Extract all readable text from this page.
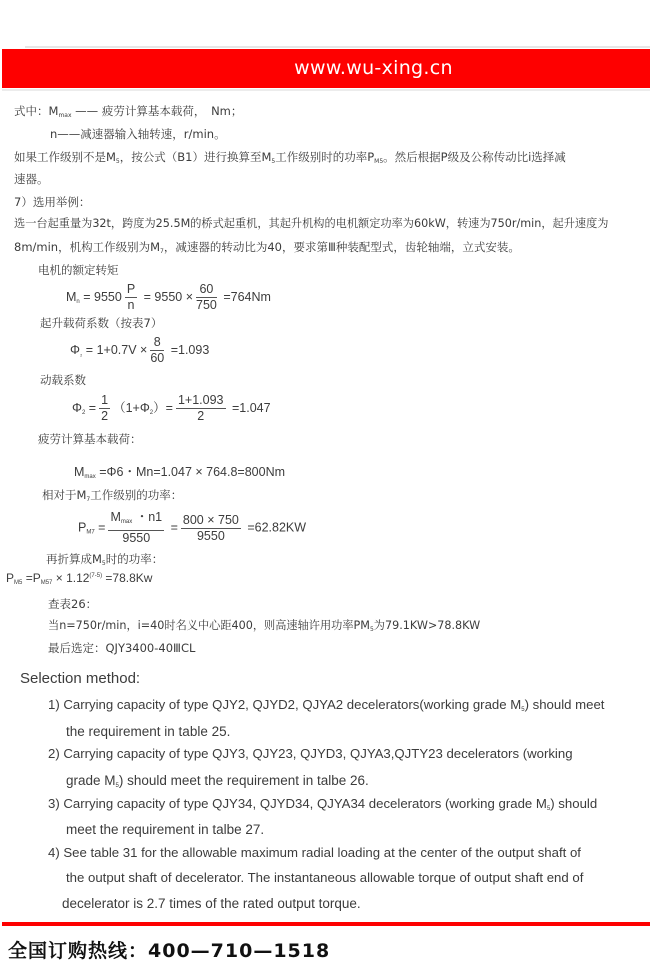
www.wu-xing.cn
式中：$M_{max}$ —— 疲劳计算基本载荷，　Nm；
n——减速器输入轴转速，r/min。
如果工作级别不是$M_5$，按公式（B1）进行换算至$M_5$工作级别时的功率$P_{M5}$。然后根据P级及公称传动比i选择减
速器。
7）选用举例：
选一台起重量为32t，跨度为25.5M的桥式起重机，其起升机构的电机额定功率为60kW，转速为750r/min，起升速度为
8m/min，机构工作级别为$M_7$，减速器的转动比为40，要求第Ⅲ种装配型式，齿轮轴端，立式安装。
电机的额定转矩
$M_n = 9550 \frac{P}{n} = 9550 \times \frac{60}{750} =764Nm$
起升载荷系数（按表7）
$\Phi_{_2} = 1+0.7V \times \frac{8}{60} =1.093$
动载系数
$\Phi_2 = \frac{1}{2} (1+\Phi_2)= \frac{1+1.093}{2} =1.047$
疲劳计算基本载荷：
$M_{max} =\Phi 6$・Mn=1.047 × 764.8=800Nm
相对于$M_7$工作级别的功率：
$P_{M7} = \frac{M_{max} ・n1}{9550} = \frac{800 \times 750}{9550} =62.82KW$
再折算成$M_5$时的功率：
$P_{M5} =P_{M57} \times 1.12^{(7-5)} =78.8Kw$
查表26：
当n=750r/min，i=40时名义中心距400，则高速轴许用功率$PM_5$为79.1KW>78.8KW
最后选定：QJY3400-40ⅢCL
Selection method:
1) Carrying capacity of type QJY2, QJYD2, QJYA2 decelerators(working grade $M_5$) should meet
the requirement in table 25.
2) Carrying capacity of type QJY3, QJY23, QJYD3, QJYA3,QJTY23 decelerators (working
grade $M_5$) should meet the requirement in talbe 26.
3) Carrying capacity of type QJY34, QJYD34, QJYA34 decelerators (working grade $M_5$) should
meet the requirement in talbe 27.
4) See table 31 for the allowable maximum radial loading at the center of the output shaft of
the output shaft of decelerator. The instantaneous allowable torque of output shaft end of
decelerator is 2.7 times of the rated output torque.
全国订购热线：400—710—1518
